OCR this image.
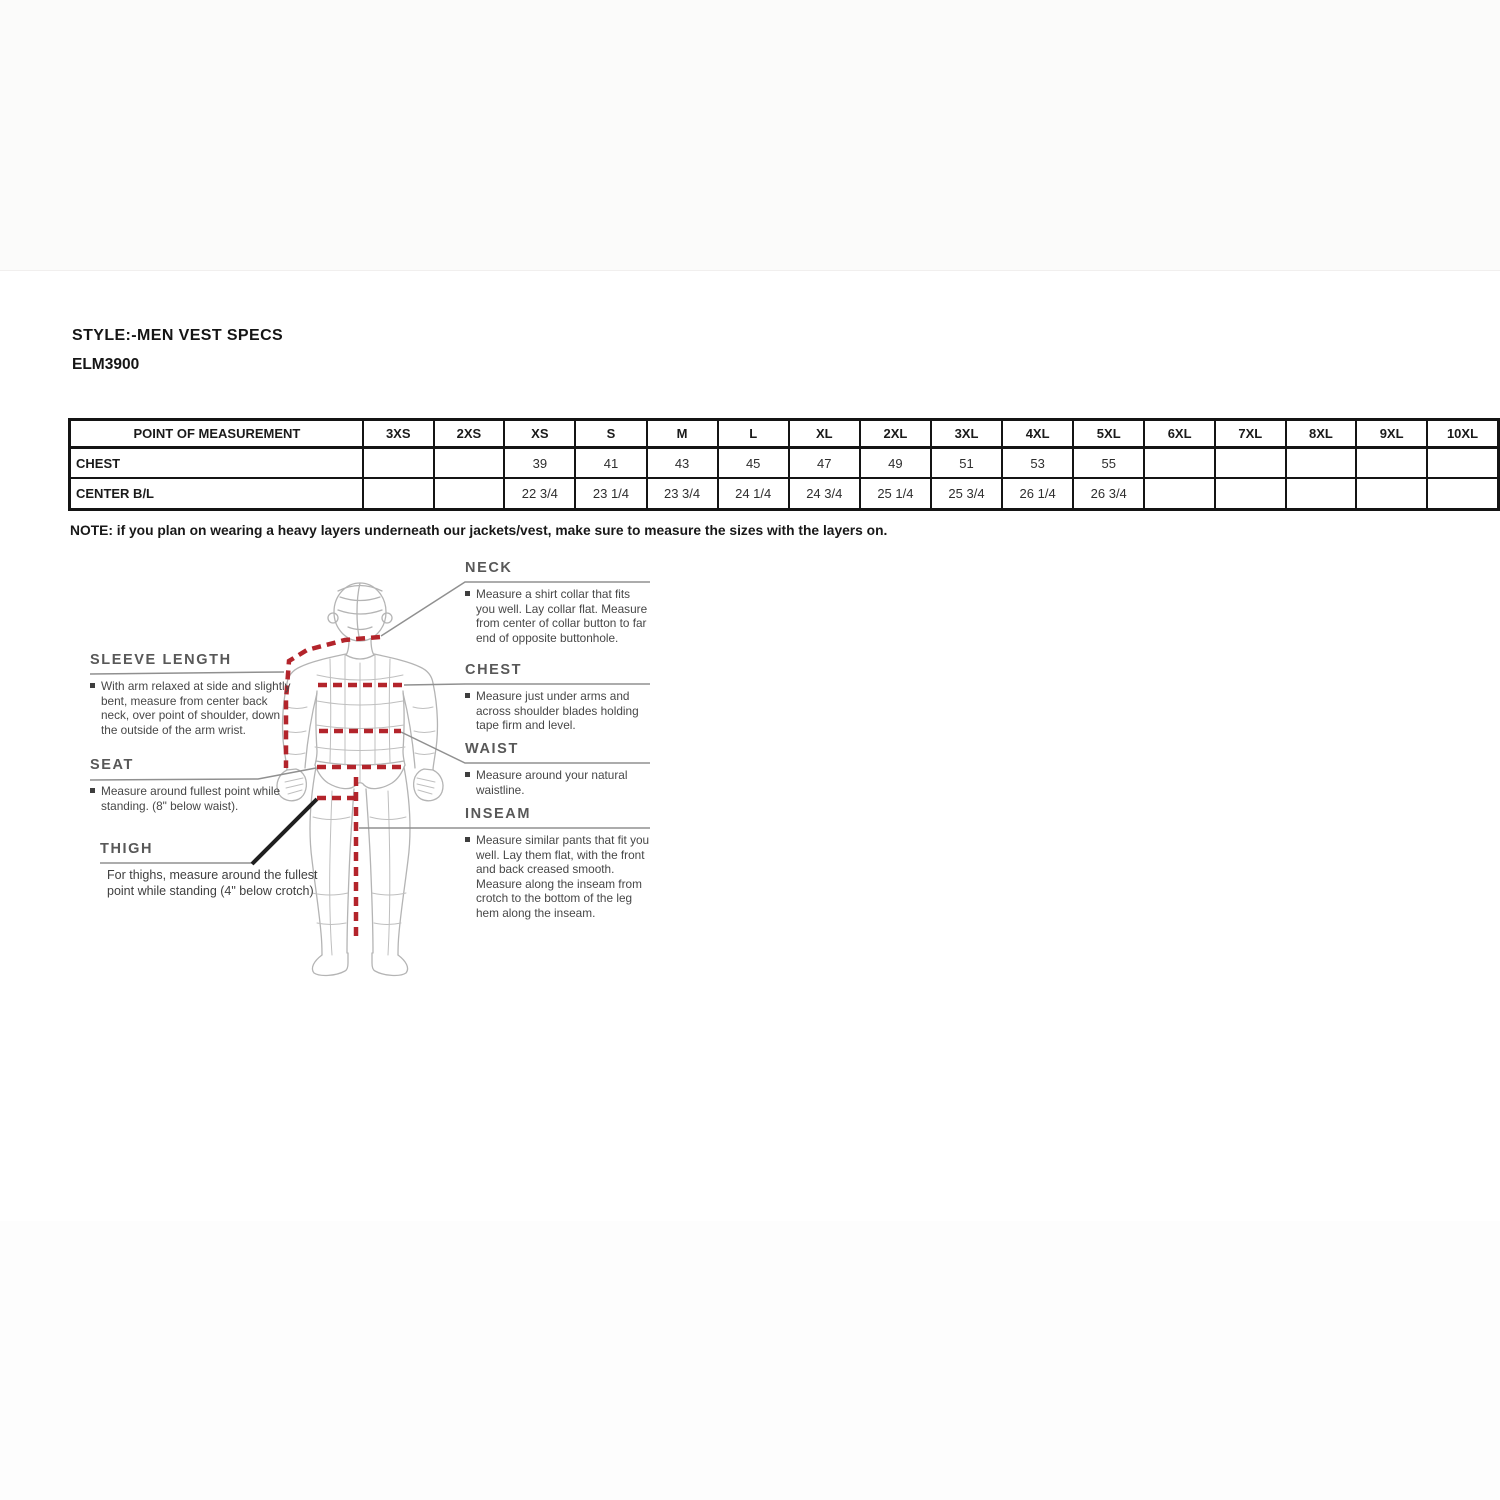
STYLE:-MEN VEST SPECS
ELM3900
POINT OF MEASUREMENT	3XS	2XS	XS	S	M	L	XL	2XL	3XL	4XL	5XL	6XL	7XL	8XL	9XL	10XL
CHEST			39	41	43	45	47	49	51	53	55					
CENTER B/L			22 3/4	23 1/4	23 3/4	24 1/4	24 3/4	25 1/4	25 3/4	26 1/4	26 3/4					
NOTE: if you plan on wearing a heavy layers underneath our jackets/vest, make sure to measure the sizes with the layers on.
NECK
Measure a shirt collar that fits you well. Lay collar flat. Measure from center of collar button to far end of opposite buttonhole.
CHEST
Measure just under arms and across shoulder blades holding tape firm and level.
WAIST
Measure around your natural waistline.
INSEAM
Measure similar pants that fit you well. Lay them flat, with the front and back creased smooth. Measure along the inseam from crotch to the bottom of the leg hem along the inseam.
SLEEVE LENGTH
With arm relaxed at side and slightly bent, measure from center back neck, over point of shoulder, down the outside of the arm wrist.
SEAT
Measure around fullest point while standing. (8" below waist).
THIGH
For thighs, measure around the fullest point while standing (4" below crotch)
